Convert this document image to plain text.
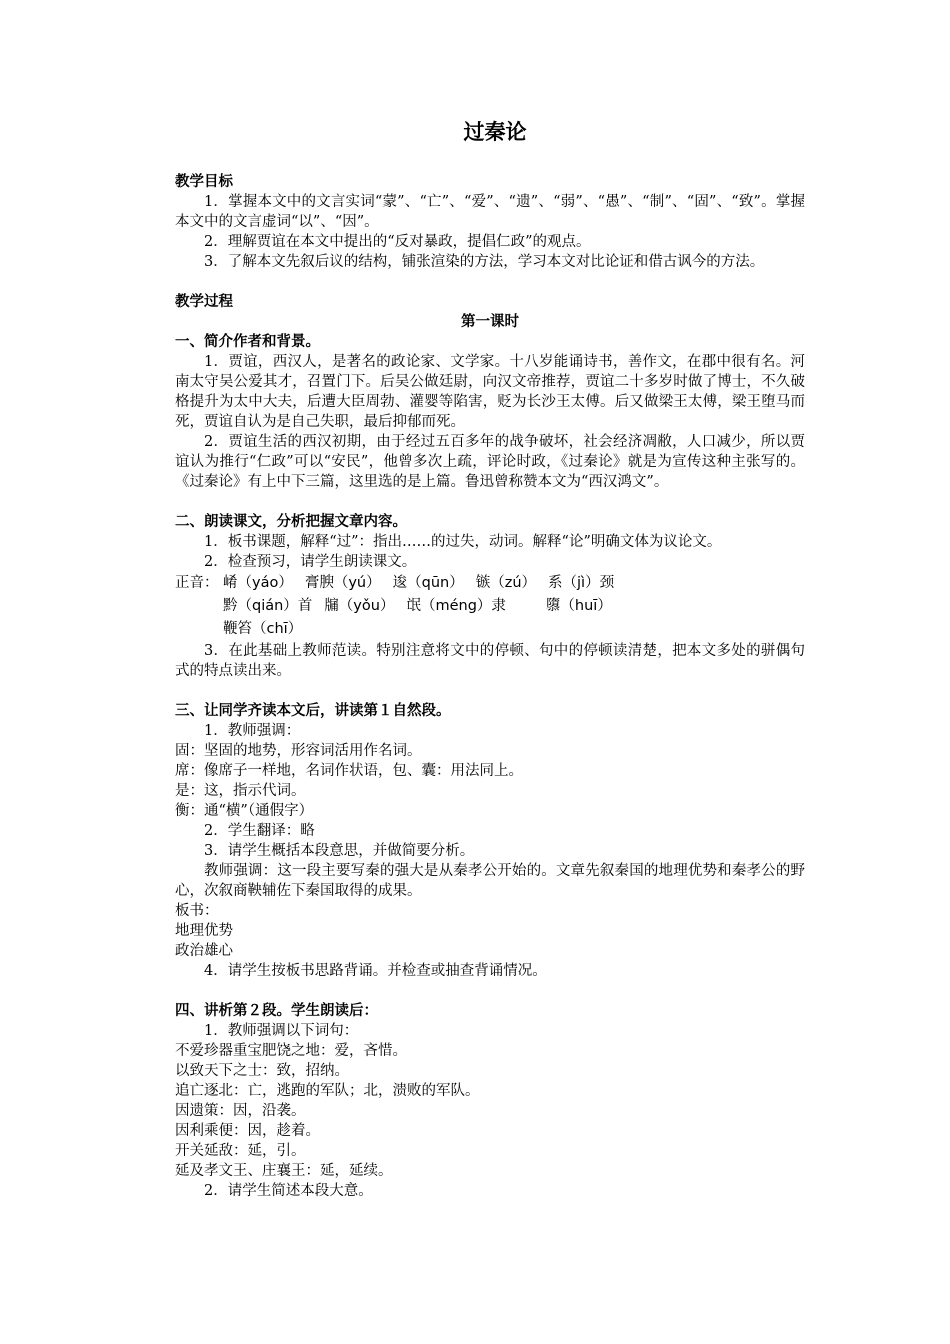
过秦论

教学目标

1．掌握本文中的文言实词“蒙”、“亡”、“爱”、“遗”、“弱”、“愚”、“制”、“固”、“致”。掌握本文中的文言虚词“以”、“因”。

2．理解贾谊在本文中提出的“反对暴政，提倡仁政”的观点。

3．了解本文先叙后议的结构，铺张渲染的方法，学习本文对比论证和借古讽今的方法。

教学过程

第一课时

一、简介作者和背景。

1．贾谊，西汉人，是著名的政论家、文学家。十八岁能诵诗书，善作文，在郡中很有名。河南太守吴公爱其才，召置门下。后吴公做廷尉，向汉文帝推荐，贾谊二十多岁时做了博士，不久破格提升为太中大夫，后遭大臣周勃、灌婴等陷害，贬为长沙王太傅。后又做梁王太傅，梁王堕马而死，贾谊自认为是自己失职，最后抑郁而死。

2．贾谊生活的西汉初期，由于经过五百多年的战争破坏，社会经济凋敝，人口减少，所以贾谊认为推行“仁政”可以“安民”，他曾多次上疏，评论时政，《过秦论》就是为宣传这种主张写的。《过秦论》有上中下三篇，这里选的是上篇。鲁迅曾称赞本文为“西汉鸿文”。

二、朗读课文，分析把握文章内容。

1．板书课题，解释“过”：指出……的过失，动词。解释“论”明确文体为议论文。

2．检查预习，请学生朗读课文。

正音： 崤（yáo） 膏腴（yú） 逡（qūn） 镞（zú） 系（jì）颈

黔（qián）首 牖（yǒu） 氓（méng）隶	隳（huī）

鞭笞（chī）

3．在此基础上教师范读。特别注意将文中的停顿、句中的停顿读清楚，把本文多处的骈偶句式的特点读出来。

三、让同学齐读本文后，讲读第１自然段。

1．教师强调：

固：坚固的地势，形容词活用作名词。

席：像席子一样地，名词作状语，包、囊：用法同上。

是：这，指示代词。

衡：通“横”（通假字）

2．学生翻译：略

3．请学生概括本段意思，并做简要分析。

教师强调：这一段主要写秦的强大是从秦孝公开始的。文章先叙秦国的地理优势和秦孝公的野心，次叙商鞅辅佐下秦国取得的成果。

板书：

地理优势

政治雄心

4．请学生按板书思路背诵。并检查或抽查背诵情况。

四、讲析第２段。学生朗读后：

1．教师强调以下词句：

不爱珍器重宝肥饶之地：爱，吝惜。

以致天下之士：致，招纳。

追亡逐北：亡，逃跑的军队；北，溃败的军队。

因遗策：因，沿袭。

因利乘便：因，趁着。

开关延敌：延，引。

延及孝文王、庄襄王：延，延续。

2．请学生简述本段大意。
